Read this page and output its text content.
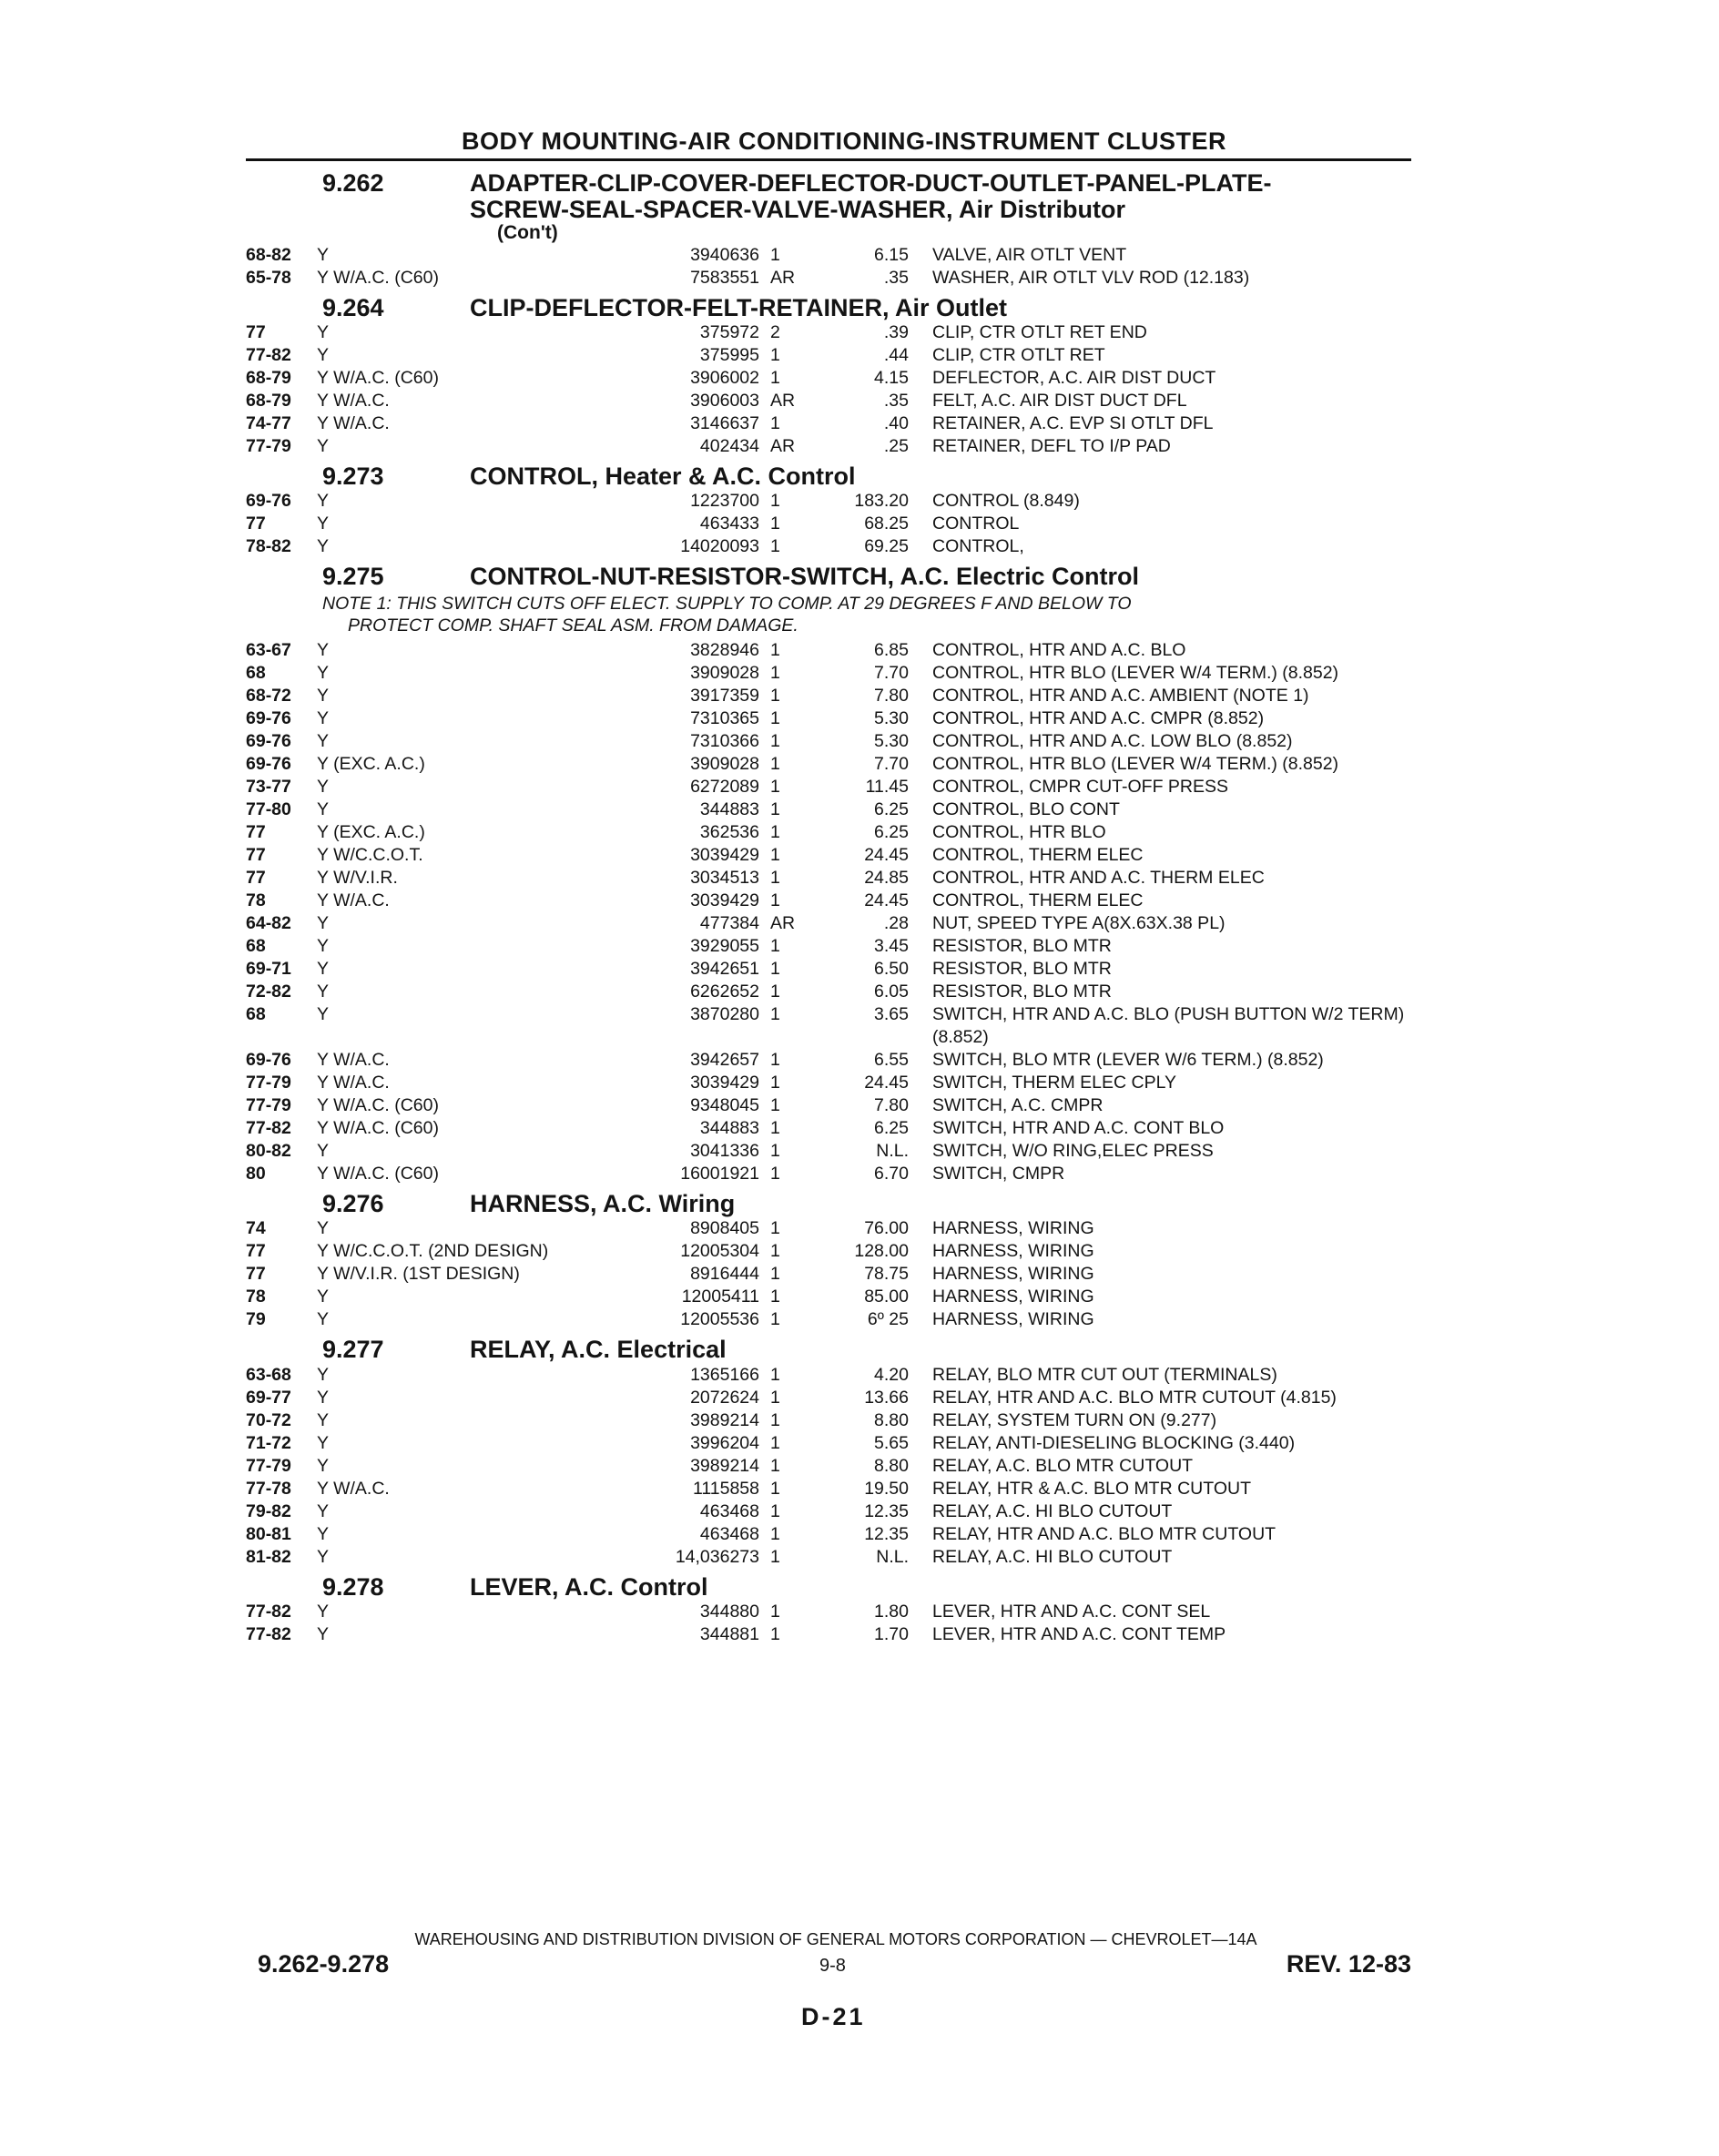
BODY MOUNTING-AIR CONDITIONING-INSTRUMENT CLUSTER
9.262	ADAPTER-CLIP-COVER-DEFLECTOR-DUCT-OUTLET-PANEL-PLATE-SCREW-SEAL-SPACER-VALVE-WASHER, Air Distributor
(Con't)
68-82	Y	3940636 1	6.15	VALVE, AIR OTLT VENT
65-78	Y W/A.C. (C60)	7583551 AR	.35	WASHER, AIR OTLT VLV ROD (12.183)
9.264	CLIP-DEFLECTOR-FELT-RETAINER, Air Outlet
77	Y	375972 2	.39	CLIP, CTR OTLT RET END
77-82	Y	375995 1	.44	CLIP, CTR OTLT RET
68-79	Y W/A.C. (C60)	3906002 1	4.15	DEFLECTOR, A.C. AIR DIST DUCT
68-79	Y W/A.C.	3906003 AR	.35	FELT, A.C. AIR DIST DUCT DFL
74-77	Y W/A.C.	3146637 1	.40	RETAINER, A.C. EVP SI OTLT DFL
77-79	Y	402434 AR	.25	RETAINER, DEFL TO I/P PAD
9.273	CONTROL, Heater & A.C. Control
69-76	Y	1223700 1	183.20	CONTROL (8.849)
77	Y	463433 1	68.25	CONTROL
78-82	Y	14020093 1	69.25	CONTROL,
9.275	CONTROL-NUT-RESISTOR-SWITCH, A.C. Electric Control
NOTE 1: THIS SWITCH CUTS OFF ELECT. SUPPLY TO COMP. AT 29 DEGREES F AND BELOW TO
PROTECT COMP. SHAFT SEAL ASM. FROM DAMAGE.
63-67	Y	3828946 1	6.85	CONTROL, HTR AND A.C. BLO
68	Y	3909028 1	7.70	CONTROL, HTR BLO (LEVER W/4 TERM.) (8.852)
68-72	Y	3917359 1	7.80	CONTROL, HTR AND A.C. AMBIENT (NOTE 1)
69-76	Y	7310365 1	5.30	CONTROL, HTR AND A.C. CMPR (8.852)
69-76	Y	7310366 1	5.30	CONTROL, HTR AND A.C. LOW BLO (8.852)
69-76	Y (EXC. A.C.)	3909028 1	7.70	CONTROL, HTR BLO (LEVER W/4 TERM.) (8.852)
73-77	Y	6272089 1	11.45	CONTROL, CMPR CUT-OFF PRESS
77-80	Y	344883 1	6.25	CONTROL, BLO CONT
77	Y (EXC. A.C.)	362536 1	6.25	CONTROL, HTR BLO
77	Y W/C.C.O.T.	3039429 1	24.45	CONTROL, THERM ELEC
77	Y W/V.I.R.	3034513 1	24.85	CONTROL, HTR AND A.C. THERM ELEC
78	Y W/A.C.	3039429 1	24.45	CONTROL, THERM ELEC
64-82	Y	477384 AR	.28	NUT, SPEED TYPE A(8X.63X.38 PL)
68	Y	3929055 1	3.45	RESISTOR, BLO MTR
69-71	Y	3942651 1	6.50	RESISTOR, BLO MTR
72-82	Y	6262652 1	6.05	RESISTOR, BLO MTR
68	Y	3870280 1	3.65	SWITCH, HTR AND A.C. BLO (PUSH BUTTON W/2 TERM) (8.852)
69-76	Y W/A.C.	3942657 1	6.55	SWITCH, BLO MTR (LEVER W/6 TERM.) (8.852)
77-79	Y W/A.C.	3039429 1	24.45	SWITCH, THERM ELEC CPLY
77-79	Y W/A.C. (C60)	9348045 1	7.80	SWITCH, A.C. CMPR
77-82	Y W/A.C. (C60)	344883 1	6.25	SWITCH, HTR AND A.C. CONT BLO
80-82	Y	3041336 1	N.L.	SWITCH, W/O RING,ELEC PRESS
80	Y W/A.C. (C60)	16001921 1	6.70	SWITCH, CMPR
9.276	HARNESS, A.C. Wiring
74	Y	8908405 1	76.00	HARNESS, WIRING
77	Y W/C.C.O.T. (2ND DESIGN)	12005304 1	128.00	HARNESS, WIRING
77	Y W/V.I.R. (1ST DESIGN)	8916444 1	78.75	HARNESS, WIRING
78	Y	12005411 1	85.00	HARNESS, WIRING
79	Y	12005536 1	6º 25	HARNESS, WIRING
9.277	RELAY, A.C. Electrical
63-68	Y	1365166 1	4.20	RELAY, BLO MTR CUT OUT (TERMINALS)
69-77	Y	2072624 1	13.66	RELAY, HTR AND A.C. BLO MTR CUTOUT (4.815)
70-72	Y	3989214 1	8.80	RELAY, SYSTEM TURN ON (9.277)
71-72	Y	3996204 1	5.65	RELAY, ANTI-DIESELING BLOCKING (3.440)
77-79	Y	3989214 1	8.80	RELAY, A.C. BLO MTR CUTOUT
77-78	Y W/A.C.	1115858 1	19.50	RELAY, HTR & A.C. BLO MTR CUTOUT
79-82	Y	463468 1	12.35	RELAY, A.C. HI BLO CUTOUT
80-81	Y	463468 1	12.35	RELAY, HTR AND A.C. BLO MTR CUTOUT
81-82	Y	14,036273 1	N.L.	RELAY, A.C. HI BLO CUTOUT
9.278	LEVER, A.C. Control
77-82	Y	344880 1	1.80	LEVER, HTR AND A.C. CONT SEL
77-82	Y	344881 1	1.70	LEVER, HTR AND A.C. CONT TEMP
WAREHOUSING AND DISTRIBUTION DIVISION OF GENERAL MOTORS CORPORATION — CHEVROLET—14A
9.262-9.278	9-8	REV. 12-83
D-21
